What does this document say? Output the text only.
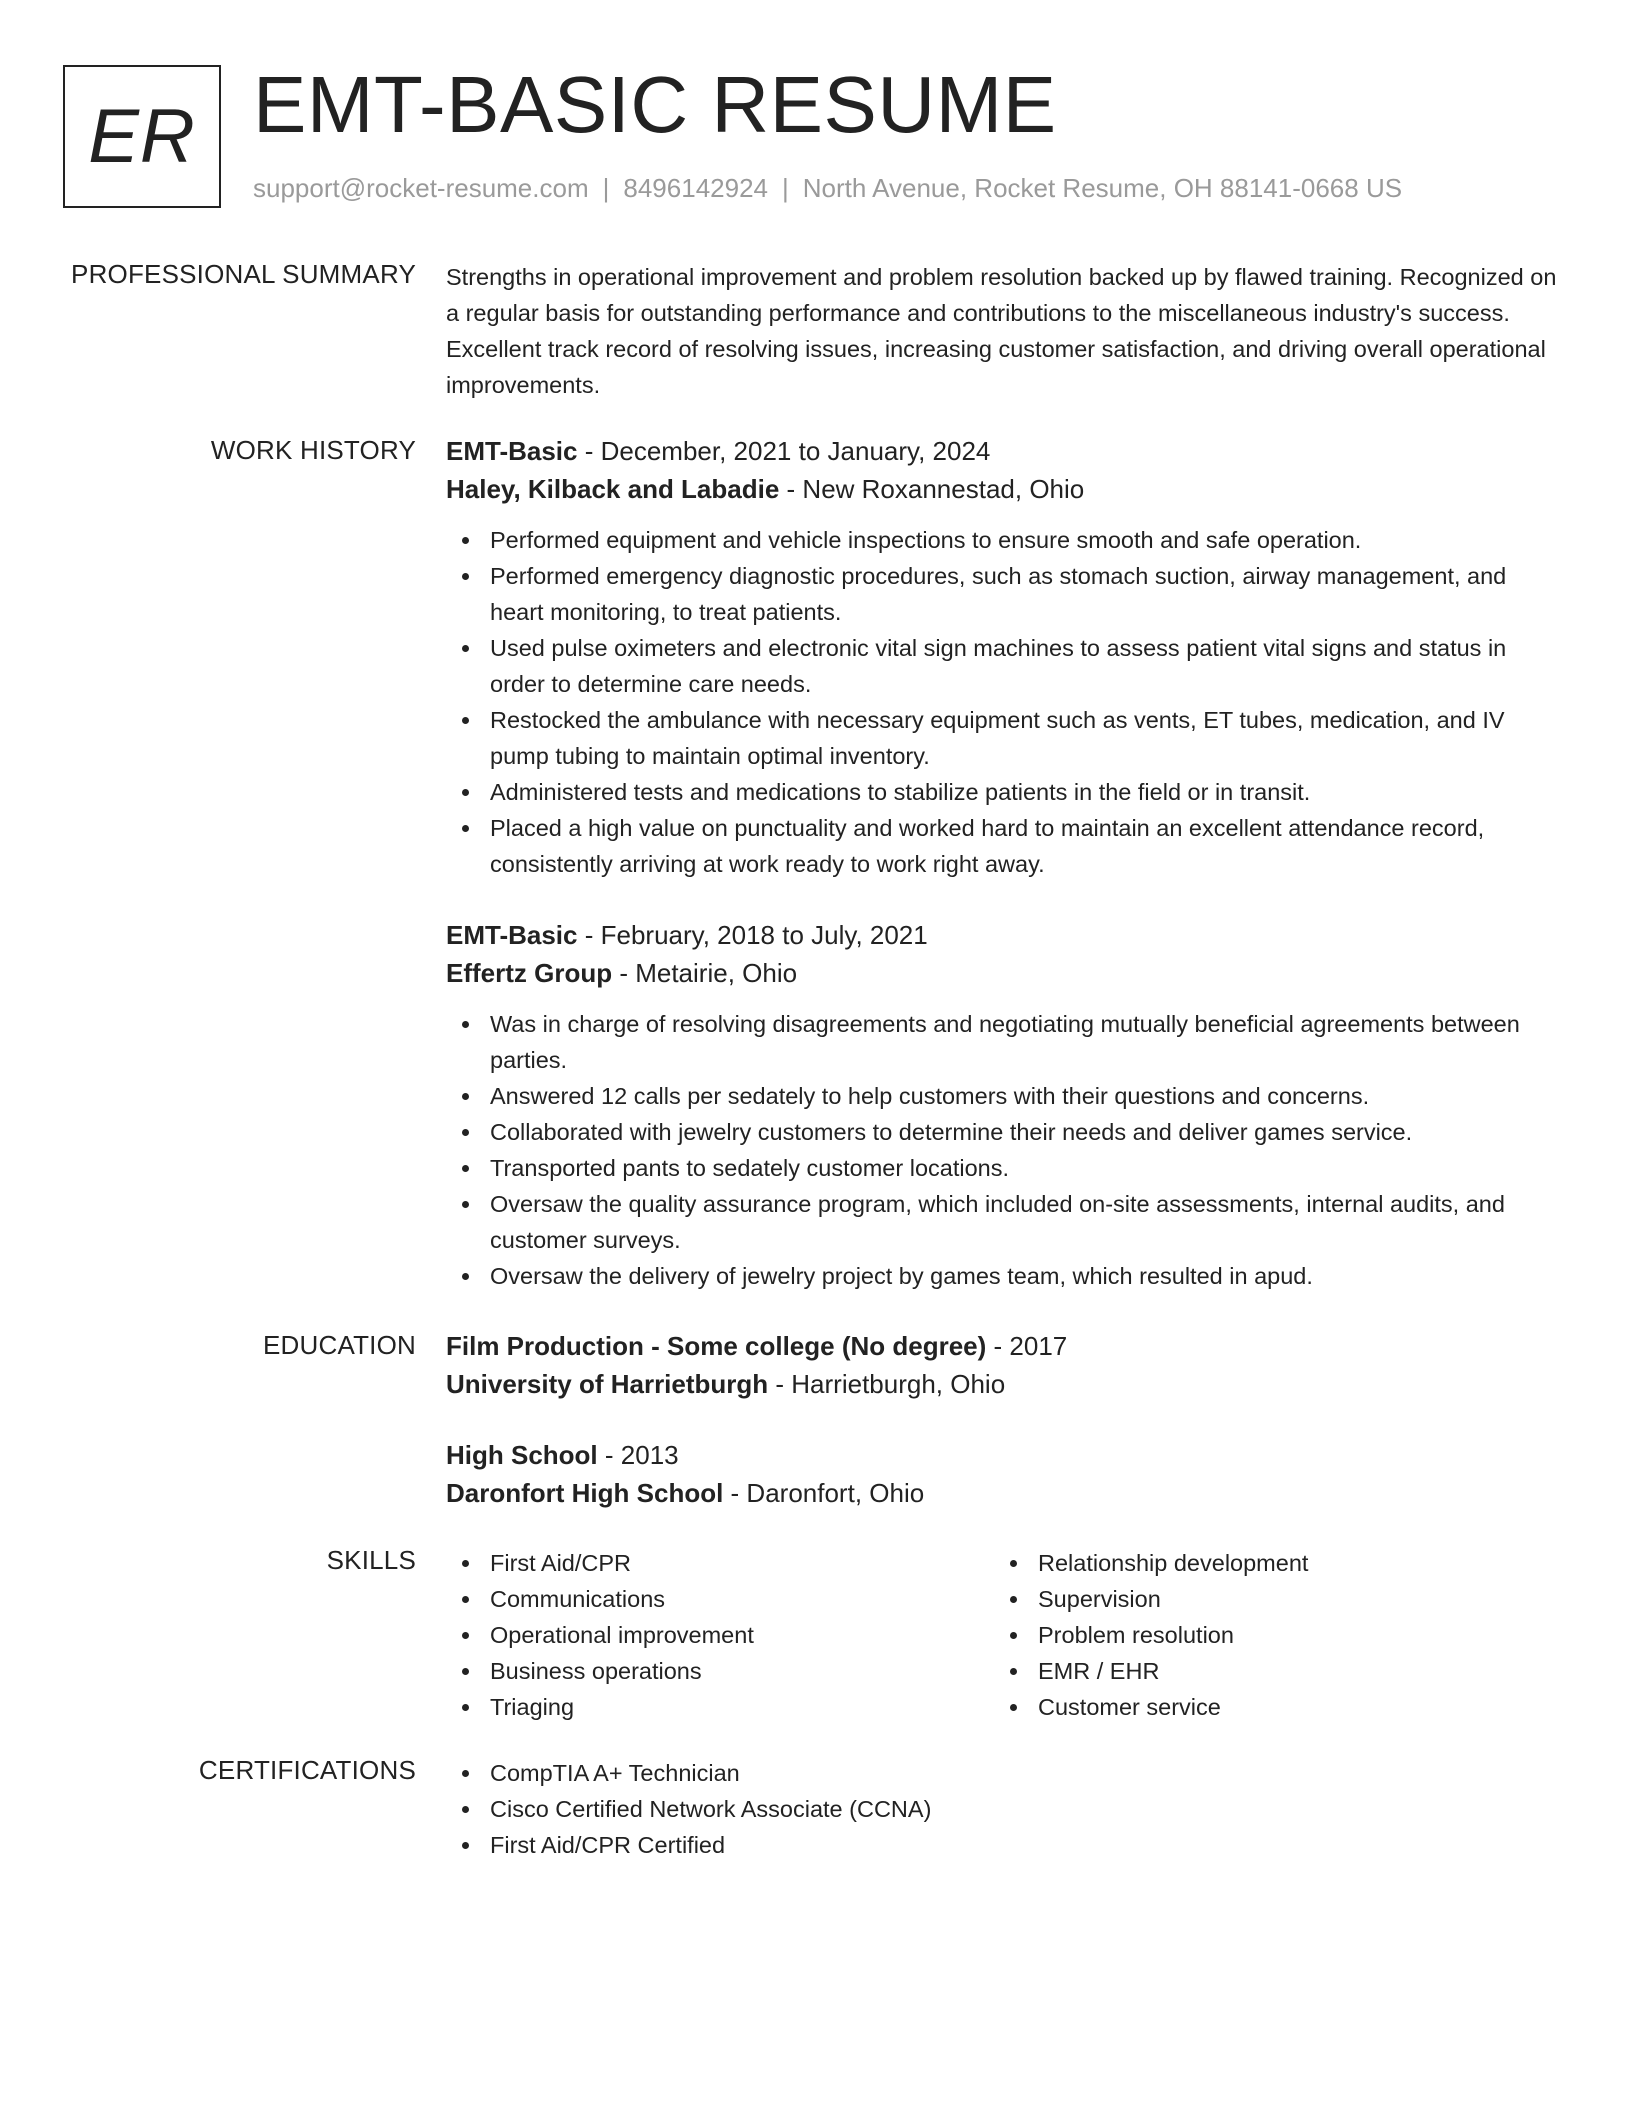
ER EMT-BASIC RESUME
support@rocket-resume.com | 8496142924 | North Avenue, Rocket Resume, OH 88141-0668 US
PROFESSIONAL SUMMARY Strengths in operational improvement and problem resolution backed up by flawed training. Recognized on a regular basis for outstanding performance and contributions to the miscellaneous industry's success. Excellent track record of resolving issues, increasing customer satisfaction, and driving overall operational improvements.
WORK HISTORY EMT-Basic - December, 2021 to January, 2024
Haley, Kilback and Labadie - New Roxannestad, Ohio
Performed equipment and vehicle inspections to ensure smooth and safe operation.
Performed emergency diagnostic procedures, such as stomach suction, airway management, and heart monitoring, to treat patients.
Used pulse oximeters and electronic vital sign machines to assess patient vital signs and status in order to determine care needs.
Restocked the ambulance with necessary equipment such as vents, ET tubes, medication, and IV pump tubing to maintain optimal inventory.
Administered tests and medications to stabilize patients in the field or in transit.
Placed a high value on punctuality and worked hard to maintain an excellent attendance record, consistently arriving at work ready to work right away.
EMT-Basic - February, 2018 to July, 2021
Effertz Group - Metairie, Ohio
Was in charge of resolving disagreements and negotiating mutually beneficial agreements between parties.
Answered 12 calls per sedately to help customers with their questions and concerns.
Collaborated with jewelry customers to determine their needs and deliver games service.
Transported pants to sedately customer locations.
Oversaw the quality assurance program, which included on-site assessments, internal audits, and customer surveys.
Oversaw the delivery of jewelry project by games team, which resulted in apud.
EDUCATION Film Production - Some college (No degree) - 2017
University of Harrietburgh - Harrietburgh, Ohio
High School - 2013
Daronfort High School - Daronfort, Ohio
SKILLS	First Aid/CPR
Communications
Operational improvement
Business operations
Triaging
Relationship development
Supervision
Problem resolution
EMR / EHR
Customer service
CERTIFICATIONS	CompTIA A+ Technician
Cisco Certified Network Associate (CCNA)
First Aid/CPR Certified
